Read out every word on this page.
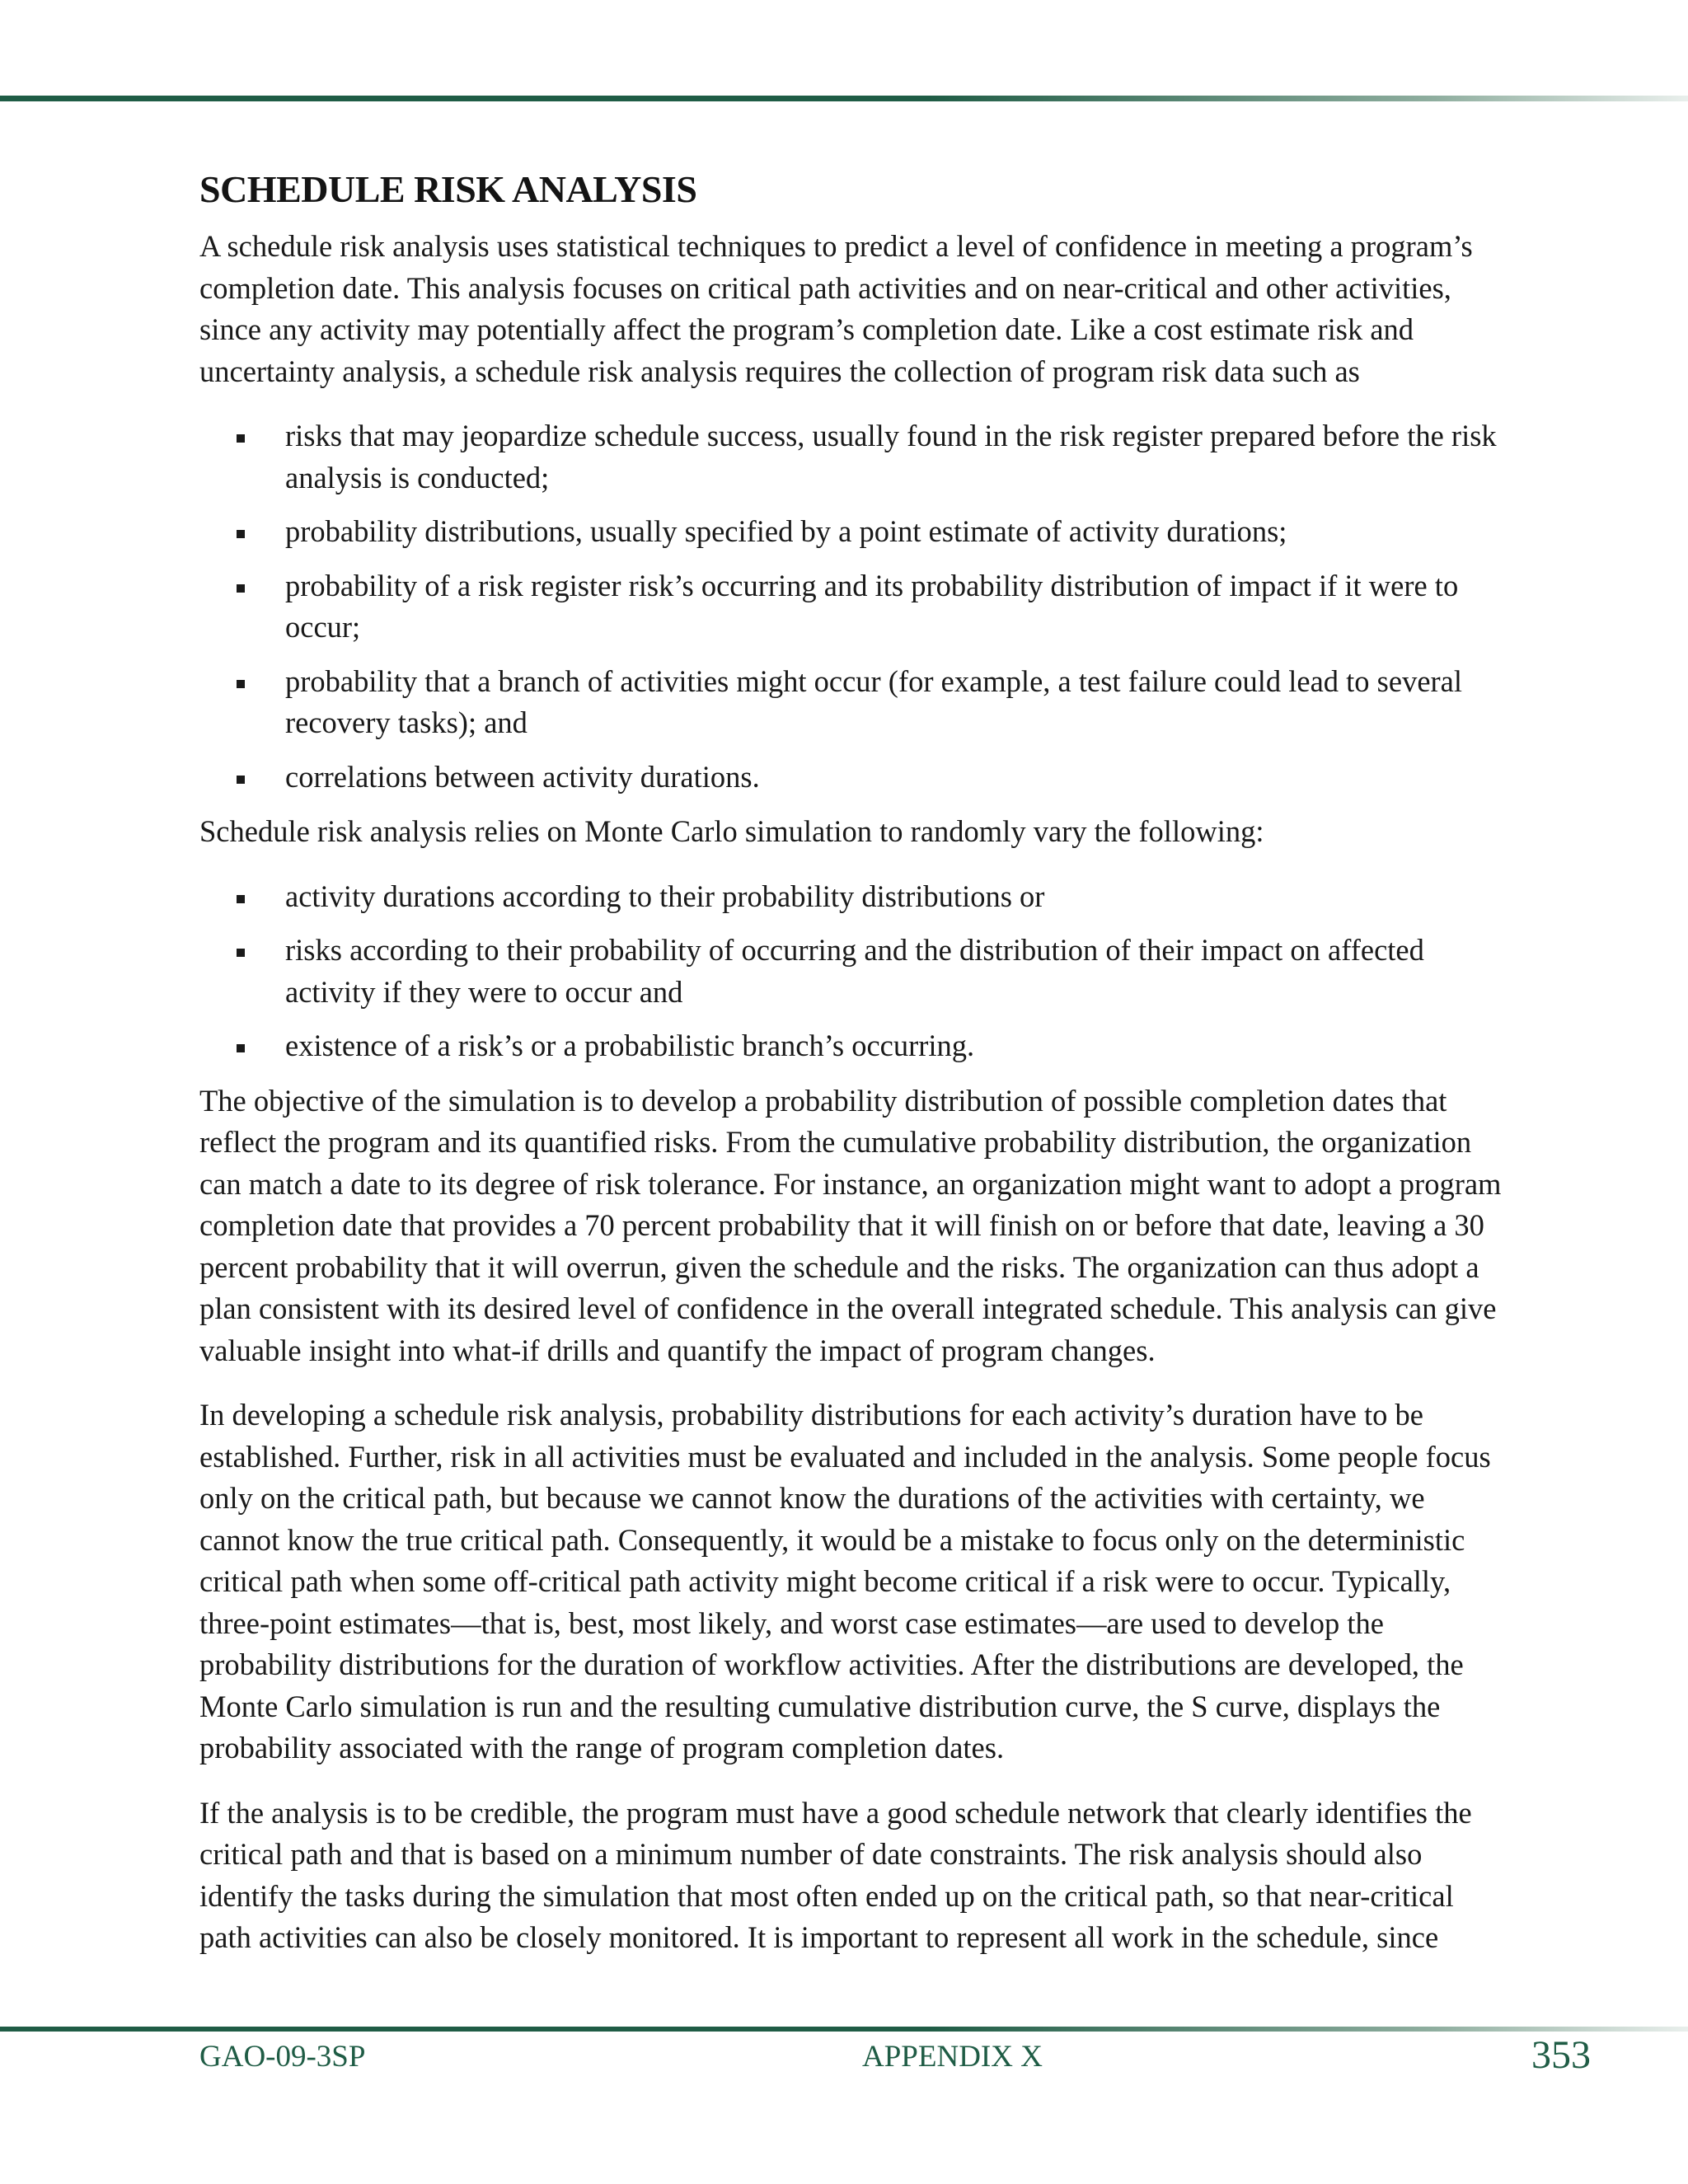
SCHEDULE RISK ANALYSIS

A schedule risk analysis uses statistical techniques to predict a level of confidence in meeting a program’s completion date. This analysis focuses on critical path activities and on near-critical and other activities, since any activity may potentially affect the program’s completion date. Like a cost estimate risk and uncertainty analysis, a schedule risk analysis requires the collection of program risk data such as

risks that may jeopardize schedule success, usually found in the risk register prepared before the risk analysis is conducted;
probability distributions, usually specified by a point estimate of activity durations;
probability of a risk register risk’s occurring and its probability distribution of impact if it were to occur;
probability that a branch of activities might occur (for example, a test failure could lead to several recovery tasks); and
correlations between activity durations.

Schedule risk analysis relies on Monte Carlo simulation to randomly vary the following:

activity durations according to their probability distributions or
risks according to their probability of occurring and the distribution of their impact on affected activity if they were to occur and
existence of a risk’s or a probabilistic branch’s occurring.

The objective of the simulation is to develop a probability distribution of possible completion dates that reflect the program and its quantified risks. From the cumulative probability distribution, the organization can match a date to its degree of risk tolerance. For instance, an organization might want to adopt a program completion date that provides a 70 percent probability that it will finish on or before that date, leaving a 30 percent probability that it will overrun, given the schedule and the risks. The organization can thus adopt a plan consistent with its desired level of confidence in the overall integrated schedule. This analysis can give valuable insight into what-if drills and quantify the impact of program changes.

In developing a schedule risk analysis, probability distributions for each activity’s duration have to be established. Further, risk in all activities must be evaluated and included in the analysis. Some people focus only on the critical path, but because we cannot know the durations of the activities with certainty, we cannot know the true critical path. Consequently, it would be a mistake to focus only on the deterministic critical path when some off-critical path activity might become critical if a risk were to occur. Typically, three-point estimates—that is, best, most likely, and worst case estimates—are used to develop the probability distributions for the duration of workflow activities. After the distributions are developed, the Monte Carlo simulation is run and the resulting cumulative distribution curve, the S curve, displays the probability associated with the range of program completion dates.

If the analysis is to be credible, the program must have a good schedule network that clearly identifies the critical path and that is based on a minimum number of date constraints. The risk analysis should also identify the tasks during the simulation that most often ended up on the critical path, so that near-critical path activities can also be closely monitored. It is important to represent all work in the schedule, since

GAO-09-3SP	APPENDIX X	353
